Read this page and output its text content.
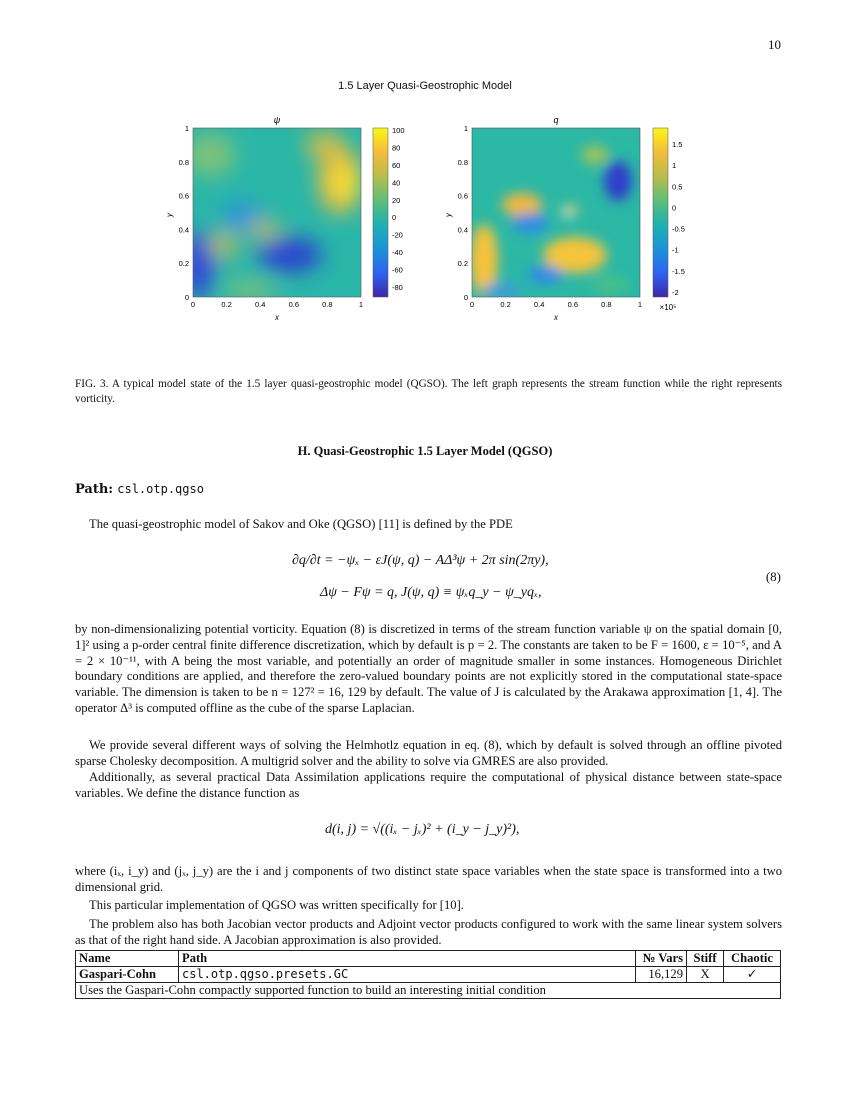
10
1.5 Layer Quasi-Geostrophic Model
ψ	q
x	x
y	y
×10⁵
0	0.2	0.4	0.6	0.8	1
0
0.2
0.4
0.6
0.8
1
0	0.2	0.4	0.6	0.8	1
0
0.2
0.4
0.6
0.8
1
100
80
60
40
20
0
-20
-40
-60
-80
1.5
1
0.5
0
-0.5
-1
-1.5
-2
FIG. 3. A typical model state of the 1.5 layer quasi-geostrophic model (QGSO). The left graph represents the stream function while the right represents vorticity.
H. Quasi-Geostrophic 1.5 Layer Model (QGSO)
Path: csl.otp.qgso
The quasi-geostrophic model of Sakov and Oke (QGSO) [11] is defined by the PDE
∂q/∂t = −ψₓ − εJ(ψ, q) − AΔ³ψ + 2π sin(2πy),
Δψ − Fψ = q, J(ψ, q) ≡ ψₓq_y − ψ_yqₓ,
(8)
by non-dimensionalizing potential vorticity. Equation (8) is discretized in terms of the stream function variable ψ on the spatial domain [0, 1]² using a p-order central finite difference discretization, which by default is p = 2. The constants are taken to be F = 1600, ε = 10⁻⁵, and A = 2 × 10⁻¹¹, with A being the most variable, and potentially an order of magnitude smaller in some instances. Homogeneous Dirichlet boundary conditions are applied, and therefore the zero-valued boundary points are not explicitly stored in the computational state-space variable. The dimension is taken to be n = 127² = 16, 129 by default. The value of J is calculated by the Arakawa approximation [1, 4]. The operator Δ³ is computed offline as the cube of the sparse Laplacian.
We provide several different ways of solving the Helmhotlz equation in eq. (8), which by default is solved through an offline pivoted sparse Cholesky decomposition. A multigrid solver and the ability to solve via GMRES are also provided.
Additionally, as several practical Data Assimilation applications require the computational of physical distance between state-space variables. We define the distance function as
d(i, j) = √((iₓ − jₓ)² + (i_y − j_y)²),
where (iₓ, i_y) and (jₓ, j_y) are the i and j components of two distinct state space variables when the state space is transformed into a two dimensional grid.
This particular implementation of QGSO was written specifically for [10].
The problem also has both Jacobian vector products and Adjoint vector products configured to work with the same linear system solvers as that of the right hand side. A Jacobian approximation is also provided.
Name	Path	№ Vars	Stiff	Chaotic
Gaspari-Cohn	csl.otp.qgso.presets.GC	16,129	X	✓
Uses the Gaspari-Cohn compactly supported function to build an interesting initial condition				
